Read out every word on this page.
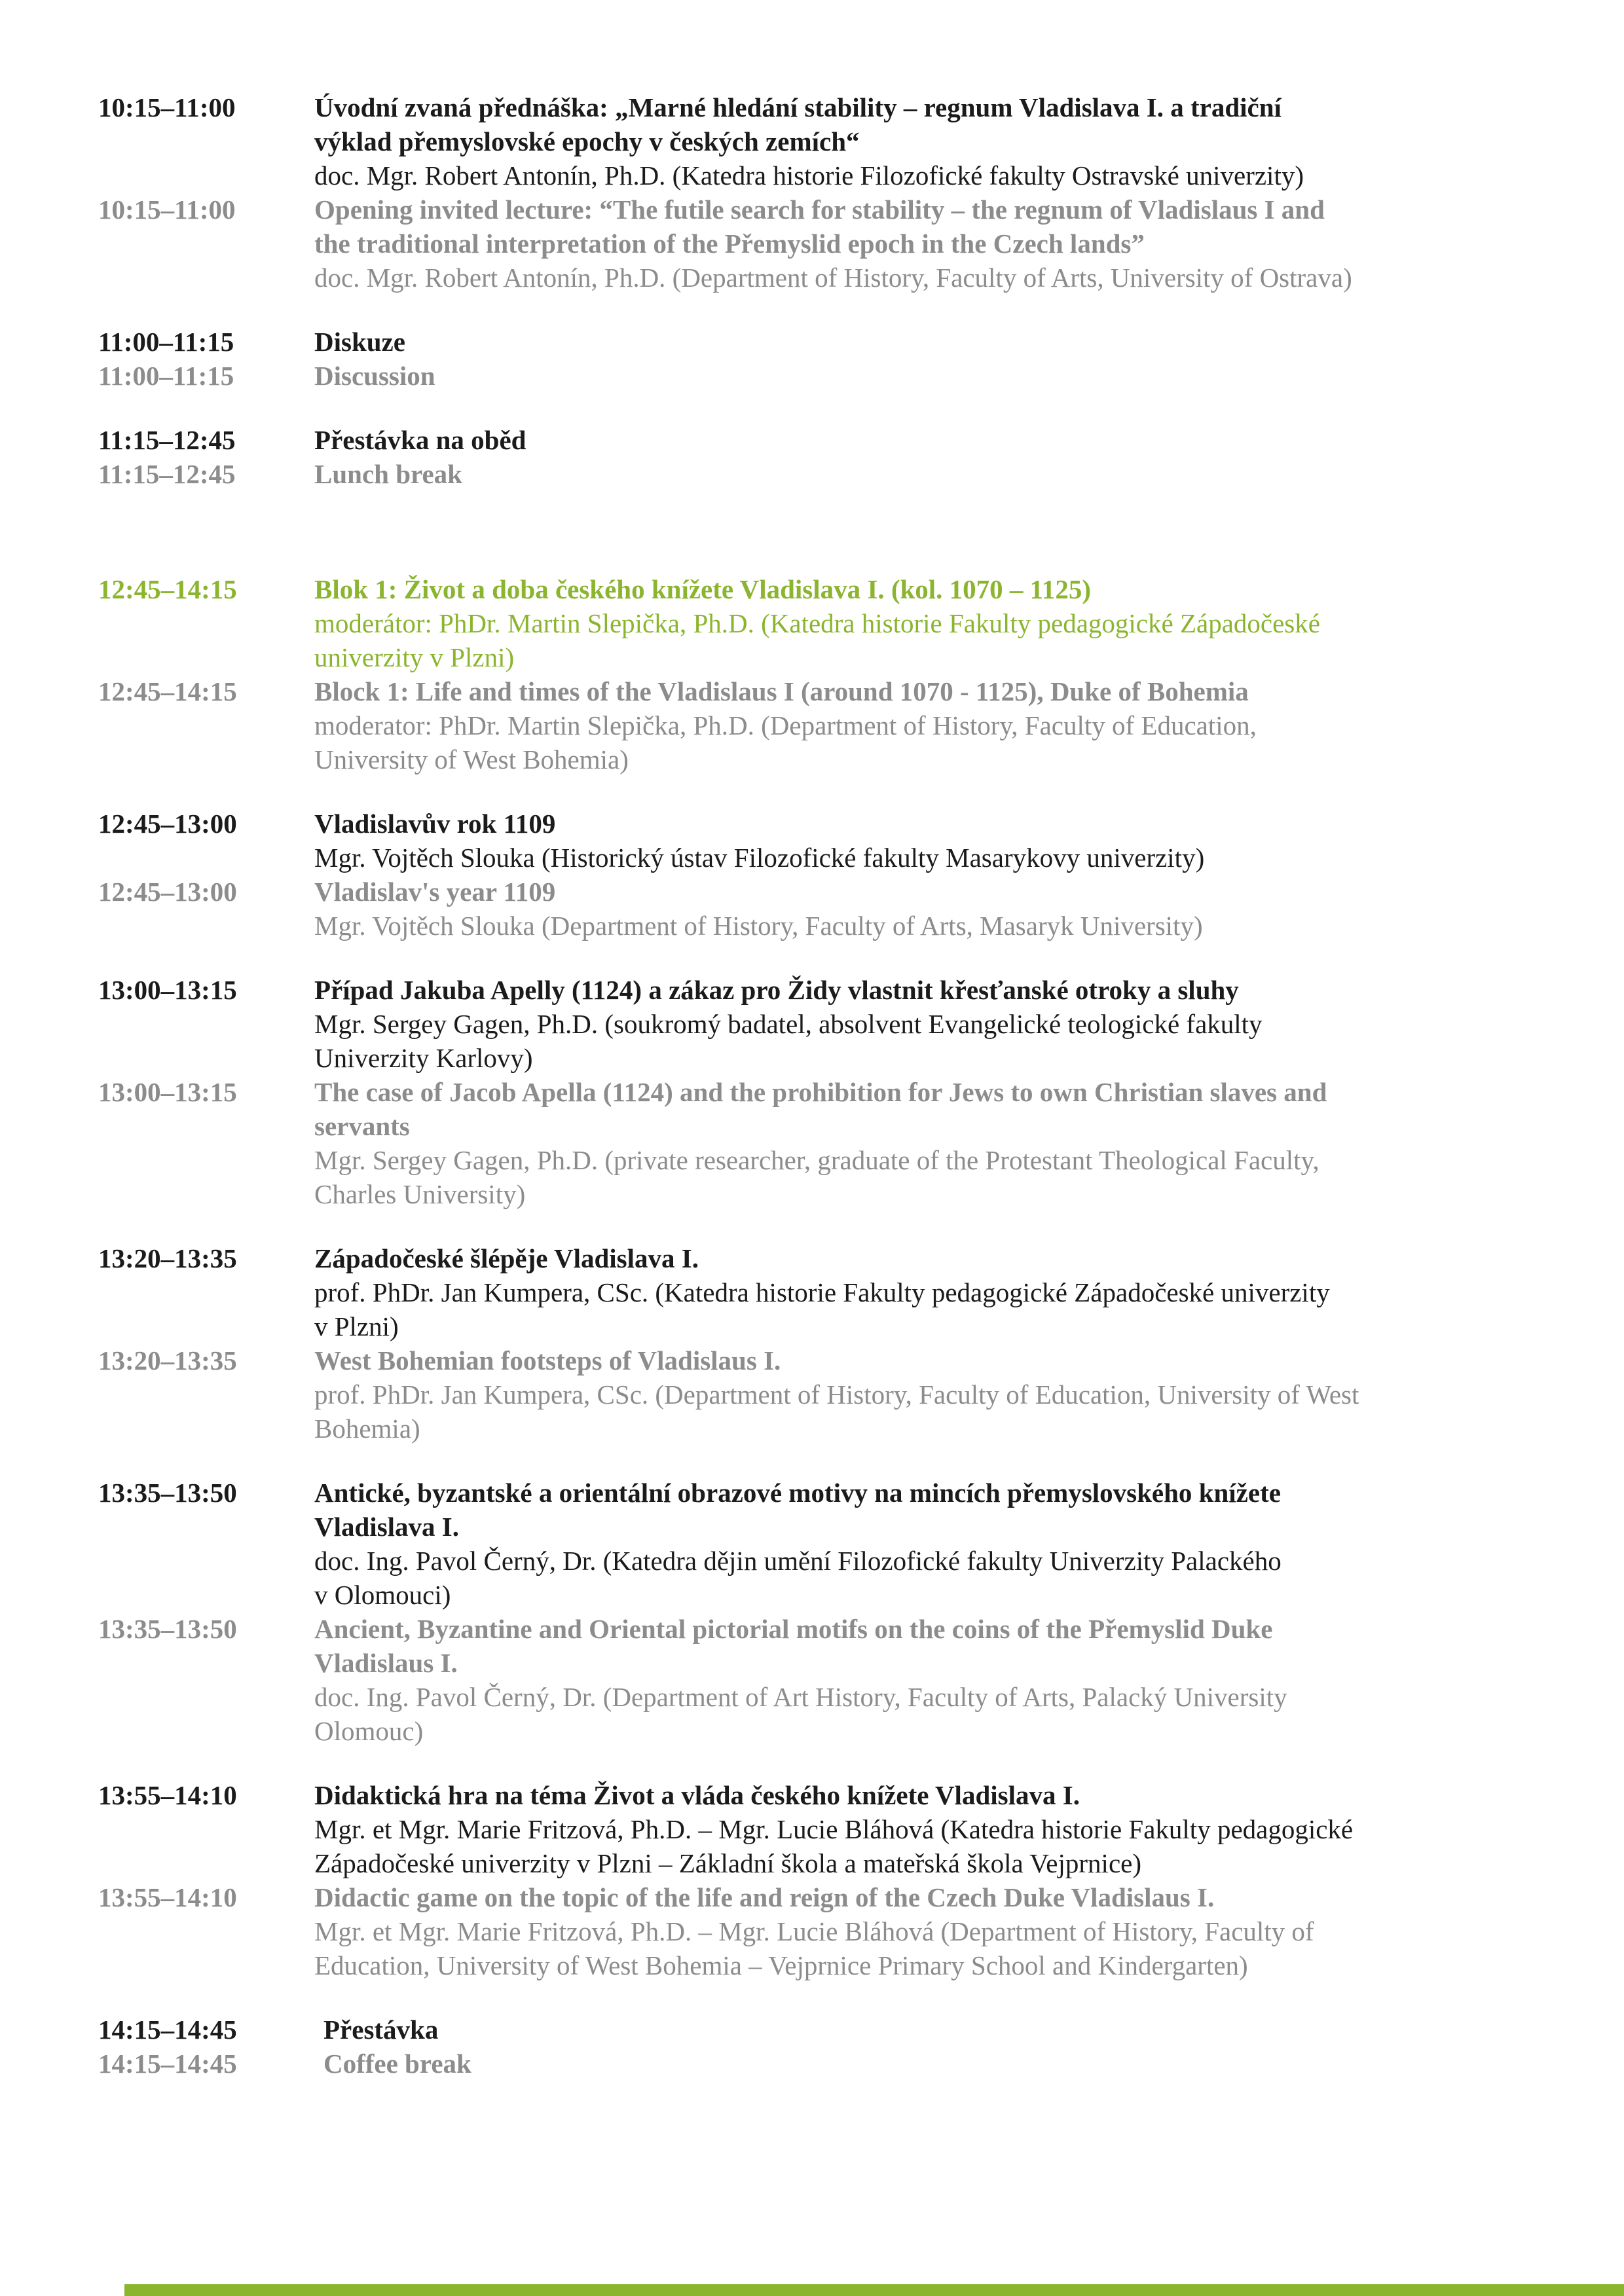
10:15–11:00	Úvodní zvaná přednáška: „Marné hledání stability – regnum Vladislava I. a tradiční

výklad přemyslovské epochy v českých zemích“

doc. Mgr. Robert Antonín, Ph.D. (Katedra historie Filozofické fakulty Ostravské univerzity)

10:15–11:00	Opening invited lecture: “The futile search for stability – the regnum of Vladislaus I and

the traditional interpretation of the Přemyslid epoch in the Czech lands”

doc. Mgr. Robert Antonín, Ph.D. (Department of History, Faculty of Arts, University of Ostrava)

11:00–11:15	Diskuze

11:00–11:15	Discussion

11:15–12:45	Přestávka na oběd

11:15–12:45	Lunch break

12:45–14:15	Blok 1: Život a doba českého knížete Vladislava I. (kol. 1070 – 1125)

moderátor: PhDr. Martin Slepička, Ph.D. (Katedra historie Fakulty pedagogické Západočeské

univerzity v Plzni)

12:45–14:15	Block 1: Life and times of the Vladislaus I (around 1070 - 1125), Duke of Bohemia

moderator: PhDr. Martin Slepička, Ph.D. (Department of History, Faculty of Education,

University of West Bohemia)

12:45–13:00	Vladislavův rok 1109

Mgr. Vojtěch Slouka (Historický ústav Filozofické fakulty Masarykovy univerzity)

12:45–13:00	Vladislav's year 1109

Mgr. Vojtěch Slouka (Department of History, Faculty of Arts, Masaryk University)

13:00–13:15	Případ Jakuba Apelly (1124) a zákaz pro Židy vlastnit křesťanské otroky a sluhy

Mgr. Sergey Gagen, Ph.D. (soukromý badatel, absolvent Evangelické teologické fakulty

Univerzity Karlovy)

13:00–13:15	The case of Jacob Apella (1124) and the prohibition for Jews to own Christian slaves and

servants

Mgr. Sergey Gagen, Ph.D. (private researcher, graduate of the Protestant Theological Faculty,

Charles University)

13:20–13:35	Západočeské šlépěje Vladislava I.

prof. PhDr. Jan Kumpera, CSc. (Katedra historie Fakulty pedagogické Západočeské univerzity

v Plzni)

13:20–13:35	West Bohemian footsteps of Vladislaus I.

prof. PhDr. Jan Kumpera, CSc. (Department of History, Faculty of Education, University of West

Bohemia)

13:35–13:50	Antické, byzantské a orientální obrazové motivy na mincích přemyslovského knížete

Vladislava I.

doc. Ing. Pavol Černý, Dr. (Katedra dějin umění Filozofické fakulty Univerzity Palackého

v Olomouci)

13:35–13:50	Ancient, Byzantine and Oriental pictorial motifs on the coins of the Přemyslid Duke

Vladislaus I.

doc. Ing. Pavol Černý, Dr. (Department of Art History, Faculty of Arts, Palacký University

Olomouc)

13:55–14:10	Didaktická hra na téma Život a vláda českého knížete Vladislava I.

Mgr. et Mgr. Marie Fritzová, Ph.D. – Mgr. Lucie Bláhová (Katedra historie Fakulty pedagogické

Západočeské univerzity v Plzni – Základní škola a mateřská škola Vejprnice)

13:55–14:10	Didactic game on the topic of the life and reign of the Czech Duke Vladislaus I.

Mgr. et Mgr. Marie Fritzová, Ph.D. – Mgr. Lucie Bláhová (Department of History, Faculty of

Education, University of West Bohemia – Vejprnice Primary School and Kindergarten)

14:15–14:45	Přestávka

14:15–14:45	Coffee break
